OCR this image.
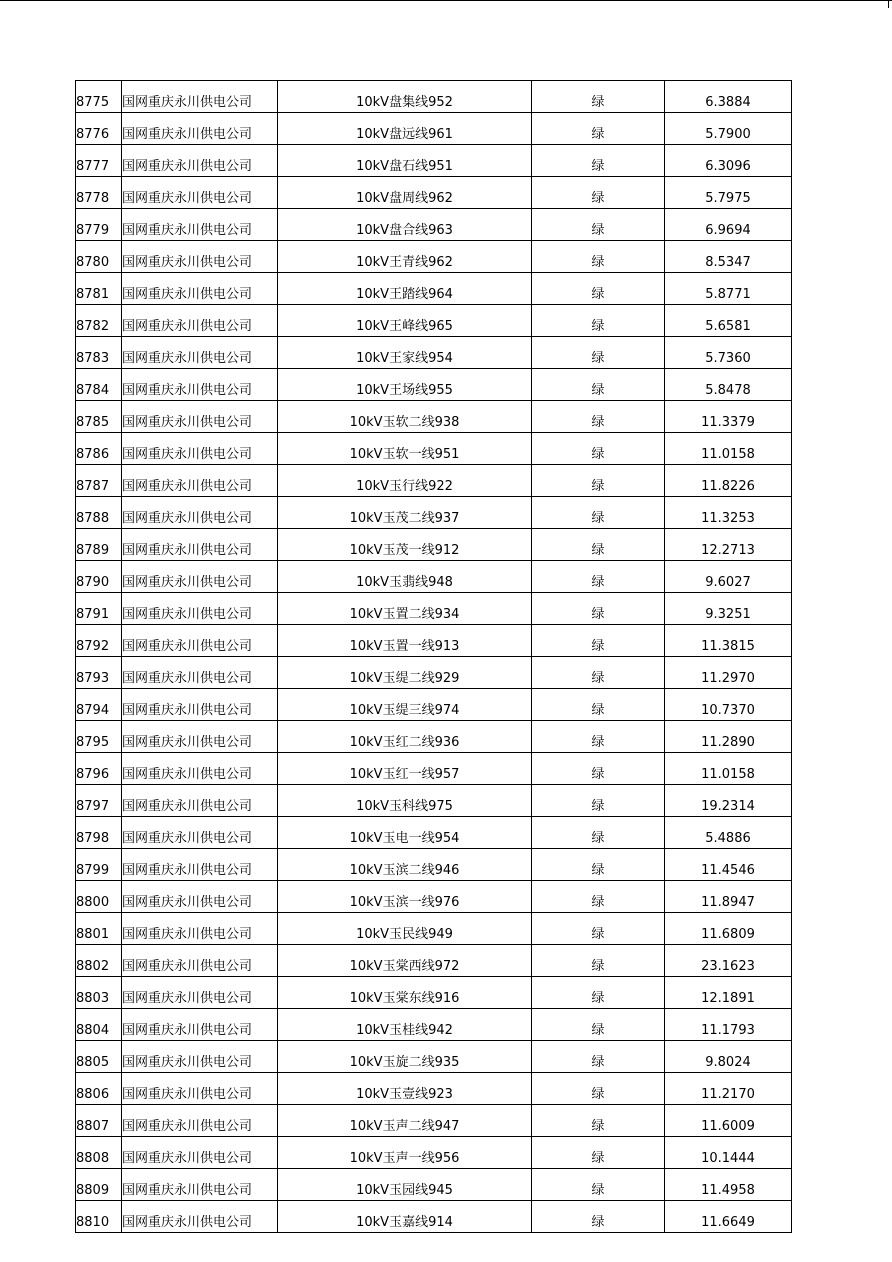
8775	国网重庆永川供电公司	10kV盘集线952	绿	6.3884
8776	国网重庆永川供电公司	10kV盘远线961	绿	5.7900
8777	国网重庆永川供电公司	10kV盘石线951	绿	6.3096
8778	国网重庆永川供电公司	10kV盘周线962	绿	5.7975
8779	国网重庆永川供电公司	10kV盘合线963	绿	6.9694
8780	国网重庆永川供电公司	10kV王青线962	绿	8.5347
8781	国网重庆永川供电公司	10kV王踏线964	绿	5.8771
8782	国网重庆永川供电公司	10kV王峰线965	绿	5.6581
8783	国网重庆永川供电公司	10kV王家线954	绿	5.7360
8784	国网重庆永川供电公司	10kV王场线955	绿	5.8478
8785	国网重庆永川供电公司	10kV玉软二线938	绿	11.3379
8786	国网重庆永川供电公司	10kV玉软一线951	绿	11.0158
8787	国网重庆永川供电公司	10kV玉行线922	绿	11.8226
8788	国网重庆永川供电公司	10kV玉茂二线937	绿	11.3253
8789	国网重庆永川供电公司	10kV玉茂一线912	绿	12.2713
8790	国网重庆永川供电公司	10kV玉翡线948	绿	9.6027
8791	国网重庆永川供电公司	10kV玉置二线934	绿	9.3251
8792	国网重庆永川供电公司	10kV玉置一线913	绿	11.3815
8793	国网重庆永川供电公司	10kV玉缇二线929	绿	11.2970
8794	国网重庆永川供电公司	10kV玉缇三线974	绿	10.7370
8795	国网重庆永川供电公司	10kV玉红二线936	绿	11.2890
8796	国网重庆永川供电公司	10kV玉红一线957	绿	11.0158
8797	国网重庆永川供电公司	10kV玉科线975	绿	19.2314
8798	国网重庆永川供电公司	10kV玉电一线954	绿	5.4886
8799	国网重庆永川供电公司	10kV玉滨二线946	绿	11.4546
8800	国网重庆永川供电公司	10kV玉滨一线976	绿	11.8947
8801	国网重庆永川供电公司	10kV玉民线949	绿	11.6809
8802	国网重庆永川供电公司	10kV玉棠西线972	绿	23.1623
8803	国网重庆永川供电公司	10kV玉棠东线916	绿	12.1891
8804	国网重庆永川供电公司	10kV玉桂线942	绿	11.1793
8805	国网重庆永川供电公司	10kV玉旋二线935	绿	9.8024
8806	国网重庆永川供电公司	10kV玉壹线923	绿	11.2170
8807	国网重庆永川供电公司	10kV玉声二线947	绿	11.6009
8808	国网重庆永川供电公司	10kV玉声一线956	绿	10.1444
8809	国网重庆永川供电公司	10kV玉园线945	绿	11.4958
8810	国网重庆永川供电公司	10kV玉嘉线914	绿	11.6649
